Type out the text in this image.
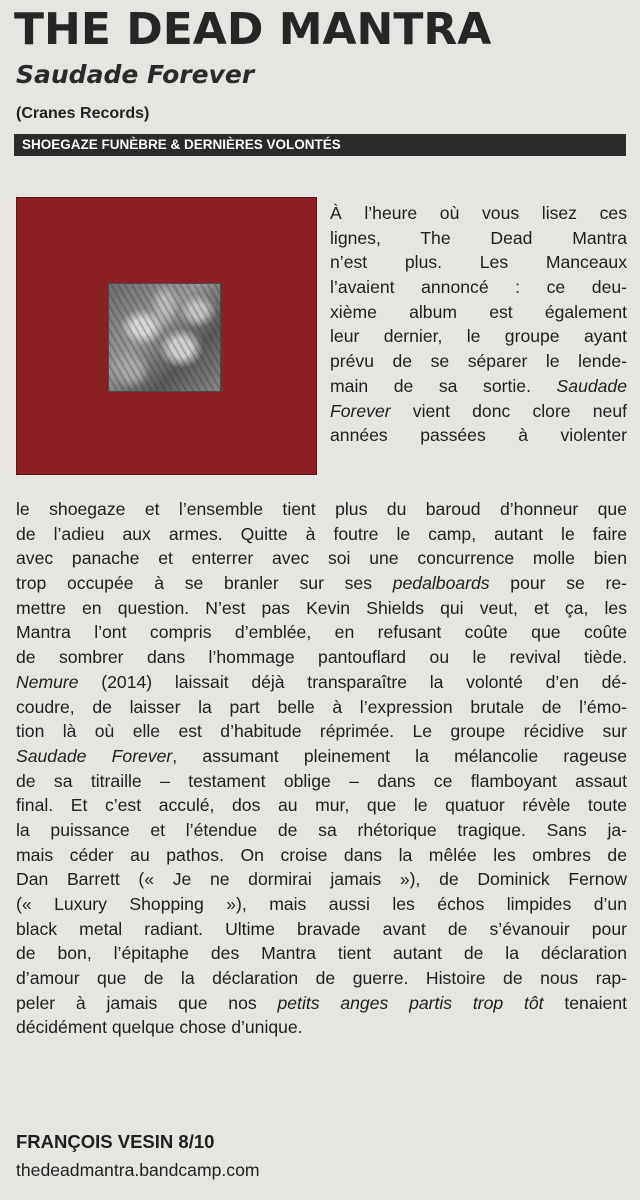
THE DEAD MANTRA
Saudade Forever
(Cranes Records)
SHOEGAZE FUNÈBRE & DERNIÈRES VOLONTÉS
À l’heure où vous lisez ces
lignes, The Dead Mantra
n’est plus. Les Manceaux
l’avaient annoncé : ce deu-
xième album est également
leur dernier, le groupe ayant
prévu de se séparer le lende-
main de sa sortie. Saudade
Forever vient donc clore neuf
années passées à violenter
le shoegaze et l’ensemble tient plus du baroud d’honneur que
de l’adieu aux armes. Quitte à foutre le camp, autant le faire
avec panache et enterrer avec soi une concurrence molle bien
trop occupée à se branler sur ses pedalboards pour se re-
mettre en question. N’est pas Kevin Shields qui veut, et ça, les
Mantra l’ont compris d’emblée, en refusant coûte que coûte
de sombrer dans l’hommage pantouflard ou le revival tiède.
Nemure (2014) laissait déjà transparaître la volonté d’en dé-
coudre, de laisser la part belle à l’expression brutale de l’émo-
tion là où elle est d’habitude réprimée. Le groupe récidive sur
Saudade Forever, assumant pleinement la mélancolie rageuse
de sa titraille – testament oblige – dans ce flamboyant assaut
final. Et c’est acculé, dos au mur, que le quatuor révèle toute
la puissance et l’étendue de sa rhétorique tragique. Sans ja-
mais céder au pathos. On croise dans la mêlée les ombres de
Dan Barrett (« Je ne dormirai jamais »), de Dominick Fernow
(« Luxury Shopping »), mais aussi les échos limpides d’un
black metal radiant. Ultime bravade avant de s’évanouir pour
de bon, l’épitaphe des Mantra tient autant de la déclaration
d’amour que de la déclaration de guerre. Histoire de nous rap-
peler à jamais que nos petits anges partis trop tôt tenaient
décidément quelque chose d’unique.
FRANÇOIS VESIN 8/10
thedeadmantra.bandcamp.com
